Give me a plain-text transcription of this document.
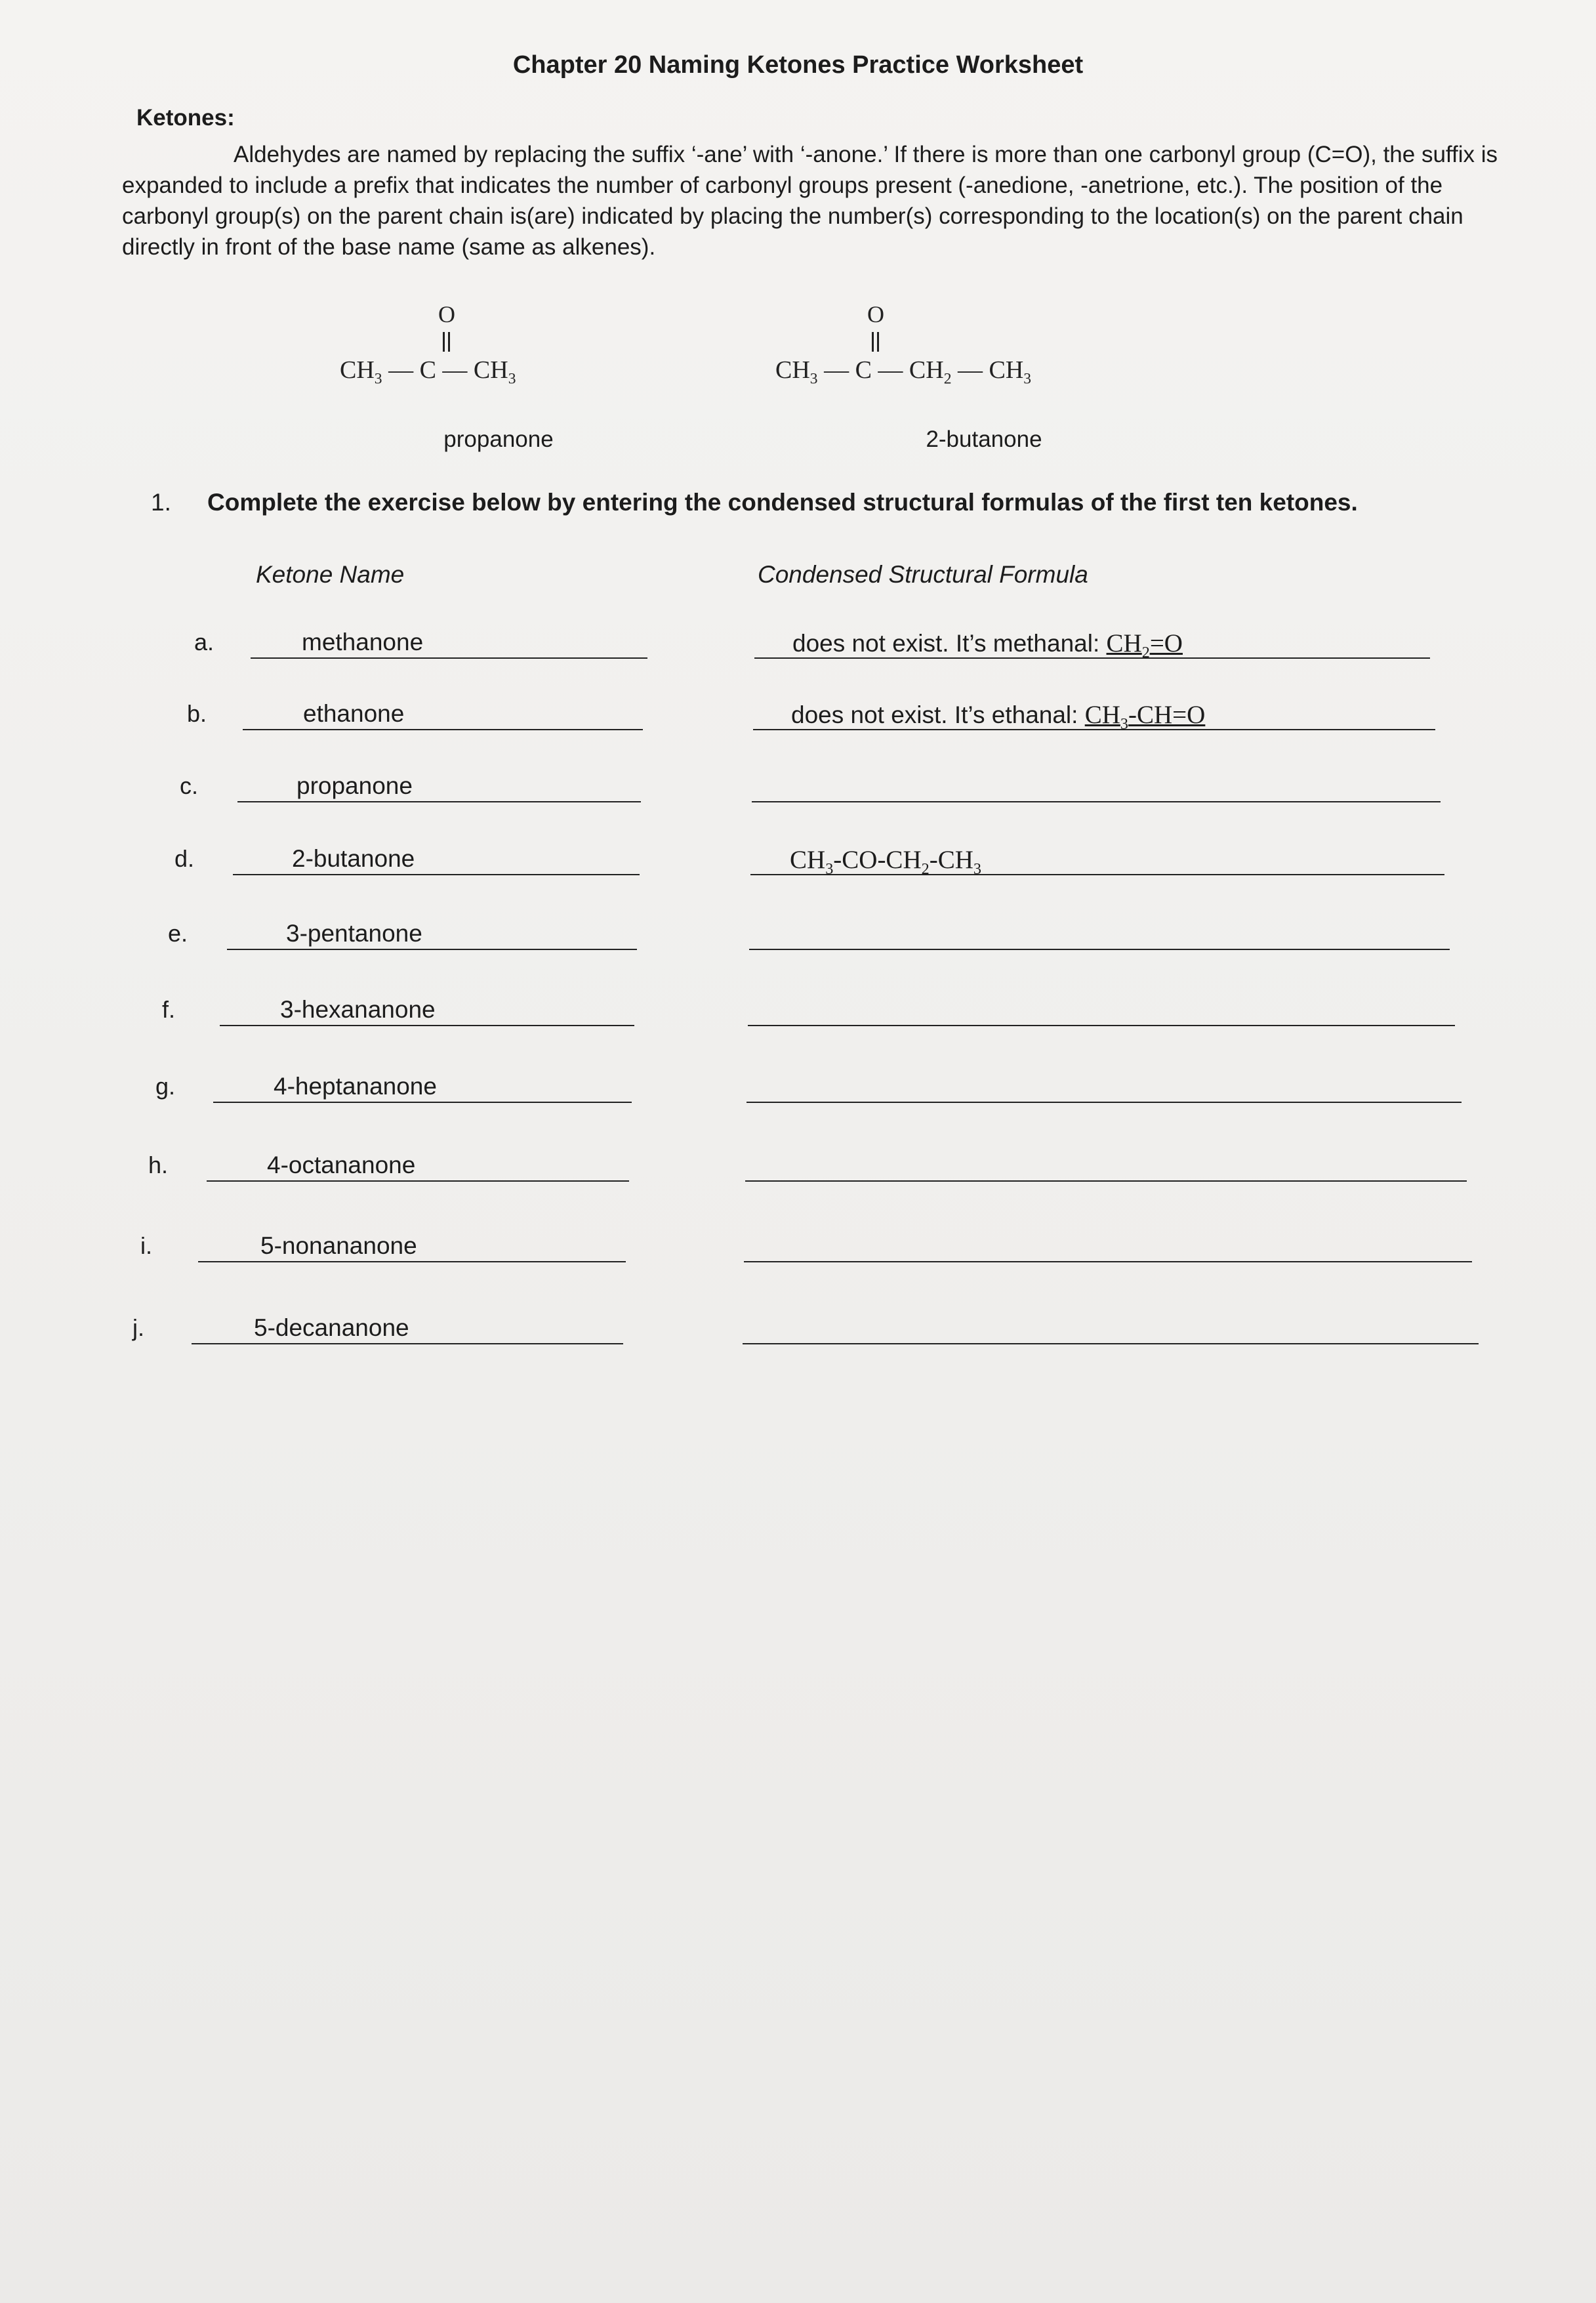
Chapter 20 Naming Ketones Practice Worksheet
Ketones:
Aldehydes are named by replacing the suffix ‘-ane’ with ‘-anone.’ If there is more than one carbonyl group (C=O), the suffix is expanded to include a prefix that indicates the number of carbonyl groups present (-anedione, -anetrione, etc.). The position of the carbonyl group(s) on the parent chain is(are) indicated by placing the number(s) corresponding to the location(s) on the parent chain directly in front of the base name (same as alkenes).
O
$CH_3$ — C — $CH_3$
propanone
O
$CH_3$ — C — $CH_2$ — $CH_3$
2-butanone
1. Complete the exercise below by entering the condensed structural formulas of the first ten ketones.
Ketone Name	Condensed Structural Formula
a.	methanone	does not exist. It’s methanal: $CH_2=O$
b.	ethanone	does not exist. It’s ethanal: $CH_3-CH=O$
c.	propanone
d.	2-butanone	$CH_3-CO-CH_2-CH_3$
e.	3-pentanone
f.	3-hexananone
g.	4-heptananone
h.	4-octananone
i.	5-nonananone
j.	5-decananone
